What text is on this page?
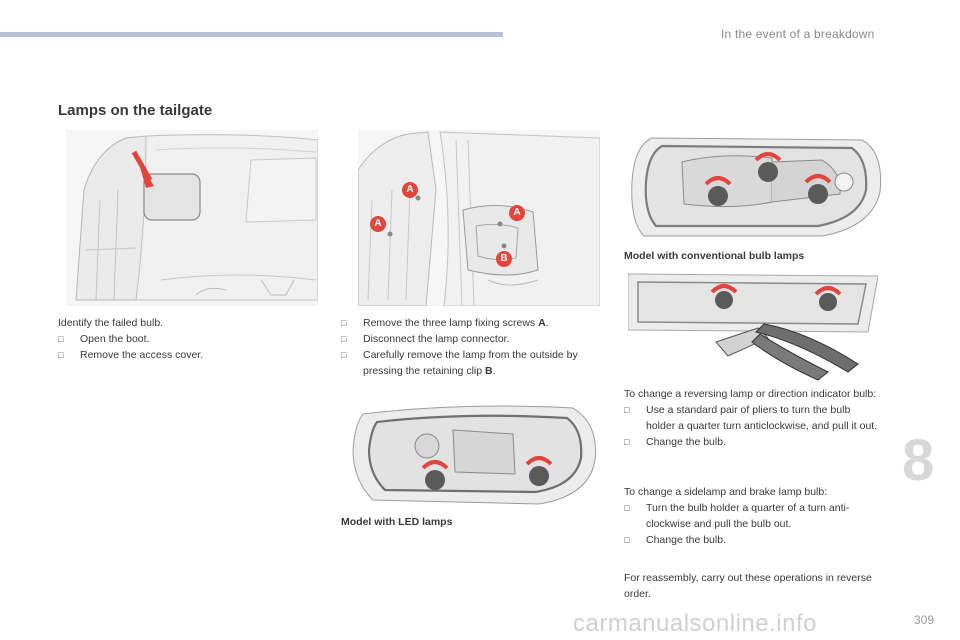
In the event of a breakdown
Lamps on the tailgate
A
A
A
B	Model with conventional bulb lamps
Model with LED lamps

Identify the failed bulb.

□	Open the boot.
□	Remove the access cover.
□	Remove the three lamp fixing screws A.
□	Disconnect the lamp connector.
□	Carefully remove the lamp from the outside by pressing the retaining clip B.

To change a reversing lamp or direction indicator bulb:

□	Use a standard pair of pliers to turn the bulb holder a quarter turn anticlockwise, and pull it out.
□	Change the bulb.

To change a sidelamp and brake lamp bulb:

□	Turn the bulb holder a quarter of a turn anti-clockwise and pull the bulb out.
□	Change the bulb.

For reassembly, carry out these operations in reverse order.

8
carmanualsonline.info	309
